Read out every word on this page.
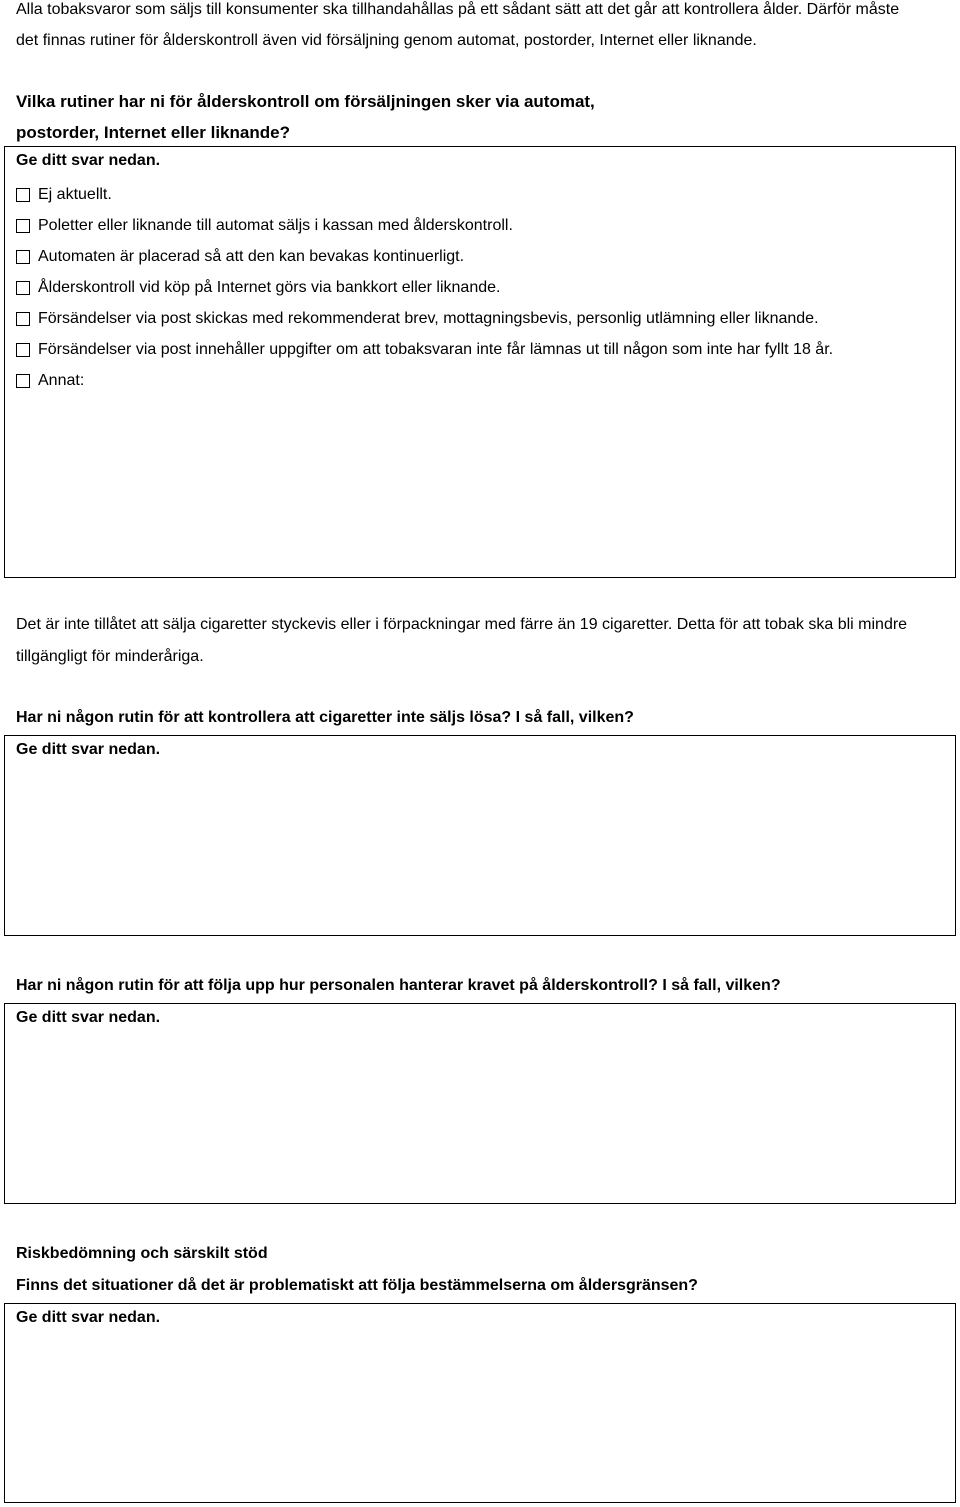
Alla tobaksvaror som säljs till konsumenter ska tillhandahållas på ett sådant sätt att det går att kontrollera ålder. Därför måste
det finnas rutiner för ålderskontroll även vid försäljning genom automat, postorder, Internet eller liknande.
Vilka rutiner har ni för ålderskontroll om försäljningen sker via automat,
postorder, Internet eller liknande?
Ge ditt svar nedan.
Ej aktuellt.
Poletter eller liknande till automat säljs i kassan med ålderskontroll.
Automaten är placerad så att den kan bevakas kontinuerligt.
Ålderskontroll vid köp på Internet görs via bankkort eller liknande.
Försändelser via post skickas med rekommenderat brev, mottagningsbevis, personlig utlämning eller liknande.
Försändelser via post innehåller uppgifter om att tobaksvaran inte får lämnas ut till någon som inte har fyllt 18 år.
Annat:
Det är inte tillåtet att sälja cigaretter styckevis eller i förpackningar med färre än 19 cigaretter. Detta för att tobak ska bli mindre
tillgängligt för minderåriga.
Har ni någon rutin för att kontrollera att cigaretter inte säljs lösa? I så fall, vilken?
Ge ditt svar nedan.
Har ni någon rutin för att följa upp hur personalen hanterar kravet på ålderskontroll? I så fall, vilken?
Ge ditt svar nedan.
Riskbedömning och särskilt stöd
Finns det situationer då det är problematiskt att följa bestämmelserna om åldersgränsen?
Ge ditt svar nedan.
